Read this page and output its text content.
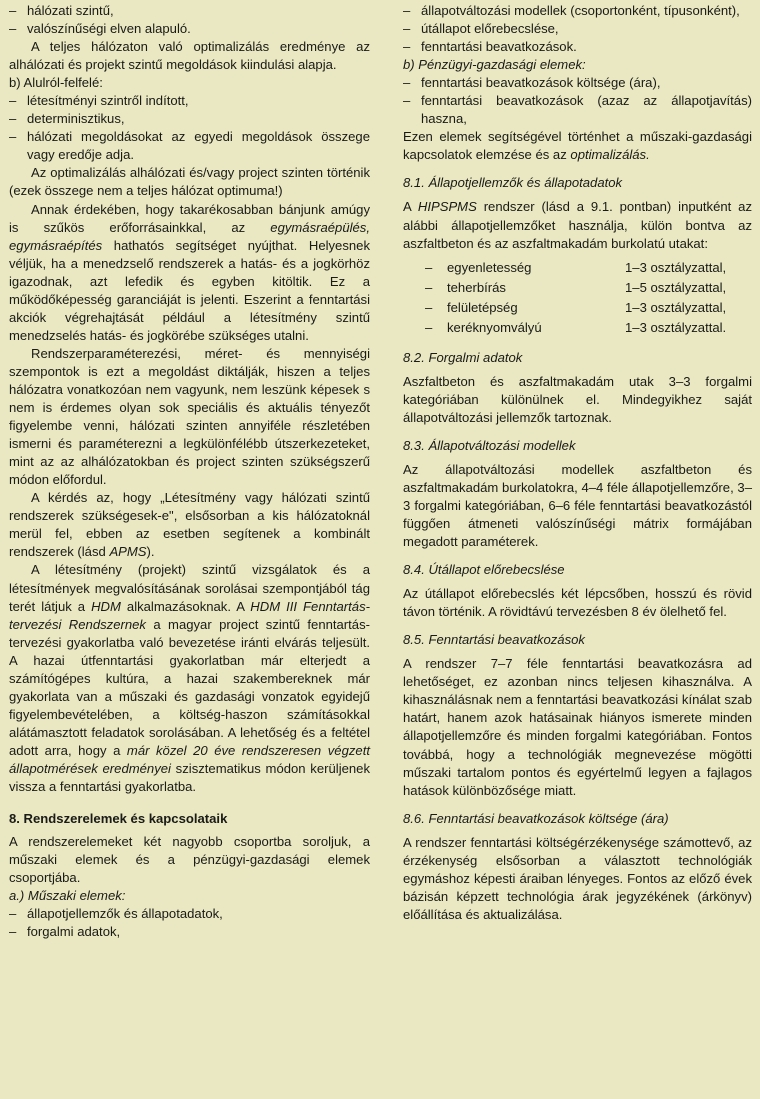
– hálózati szintű,
– valószínűségi elven alapuló.

A teljes hálózaton való optimalizálás eredménye az alhálózati és projekt szintű megoldások kiindulási alapja.

b) Alulról-felfelé:

– létesítményi szintről indított,
– determinisztikus,
– hálózati megoldásokat az egyedi megoldások összege vagy eredője adja.

Az optimalizálás alhálózati és/vagy project szinten történik (ezek összege nem a teljes hálózat optimuma!)

Annak érdekében, hogy takarékosabban bánjunk amúgy is szűkös erőforrásainkkal, az egymásraépülés, egymásraépítés hathatós segítséget nyújthat. Helyesnek véljük, ha a menedzselő rendszerek a hatás- és a jogkörhöz igazodnak, azt lefedik és egyben kitöltik. Ez a működőképesség garanciáját is jelenti. Eszerint a fenntartási akciók végrehajtását például a létesítmény szintű menedzselés hatás- és jogkörébe szükséges utalni.

Rendszerparaméterezési, méret- és mennyiségi szempontok is ezt a megoldást diktálják, hiszen a teljes hálózatra vonatkozóan nem vagyunk, nem leszünk képesek s nem is érdemes olyan sok speciális és aktuális tényezőt figyelembe venni, hálózati szinten annyiféle részletében ismerni és paraméterezni a legkülönfélébb útszerkezeteket, mint az az alhálózatokban és project szinten szükségszerű módon előfordul.

A kérdés az, hogy „Létesítmény vagy hálózati szintű rendszerek szükségesek-e", elsősorban a kis hálózatoknál merül fel, ebben az esetben segítenek a kombinált rendszerek (lásd APMS).

A létesítmény (projekt) szintű vizsgálatok és a létesítmények megvalósításának sorolásai szempontjából tág terét látjuk a HDM alkalmazásoknak. A HDM III Fenntartás-tervezési Rendszernek a magyar project szintű fenntartás-tervezési gyakorlatba való bevezetése iránti elvárás teljesült. A hazai útfenntartási gyakorlatban már elterjedt a számítógépes kultúra, a hazai szakembereknek már gyakorlata van a műszaki és gazdasági vonzatok egyidejű figyelembevételében, a költség-haszon számításokkal alátámasztott feladatok sorolásában. A lehetőség és a feltétel adott arra, hogy a már közel 20 éve rendszeresen végzett állapotmérések eredményei szisztematikus módon kerüljenek vissza a fenntartási gyakorlatba.

8. Rendszerelemek és kapcsolataik

A rendszerelemeket két nagyobb csoportba soroljuk, a műszaki elemek és a pénzügyi-gazdasági elemek csoportjába.

a.) Műszaki elemek:

– állapotjellemzők és állapotadatok,
– forgalmi adatok,
– állapotváltozási modellek (csoportonként, típusonként),
– útállapot előrebecslése,
– fenntartási beavatkozások.

b) Pénzügyi-gazdasági elemek:

– fenntartási beavatkozások költsége (ára),
– fenntartási beavatkozások (azaz az állapotjavítás) haszna,

Ezen elemek segítségével történhet a műszaki-gazdasági kapcsolatok elemzése és az optimalizálás.

8.1. Állapotjellemzők és állapotadatok

A HIPSPMS rendszer (lásd a 9.1. pontban) inputként az alábbi állapotjellemzőket használja, külön bontva az aszfaltbeton és az aszfaltmakadám burkolatú utakat:

–	egyenletesség	1–3 osztályzattal,
–	teherbírás	1–5 osztályzattal,
–	felületépség	1–3 osztályzattal,
–	keréknyomvályú	1–3 osztályzattal.

8.2. Forgalmi adatok

Aszfaltbeton és aszfaltmakadám utak 3–3 forgalmi kategóriában különülnek el. Mindegyikhez saját állapotváltozási jellemzők tartoznak.

8.3. Állapotváltozási modellek

Az állapotváltozási modellek aszfaltbeton és aszfaltmakadám burkolatokra, 4–4 féle állapotjellemzőre, 3–3 forgalmi kategóriában, 6–6 féle fenntartási beavatkozástól függően átmeneti valószínűségi mátrix formájában megadott paraméterek.

8.4. Útállapot előrebecslése

Az útállapot előrebecslés két lépcsőben, hosszú és rövid távon történik. A rövidtávú tervezésben 8 év ölelhető fel.

8.5. Fenntartási beavatkozások

A rendszer 7–7 féle fenntartási beavatkozásra ad lehetőséget, ez azonban nincs teljesen kihasználva. A kihasználásnak nem a fenntartási beavatkozási kínálat szab határt, hanem azok hatásainak hiányos ismerete minden állapotjellemzőre és minden forgalmi kategóriában. Fontos továbbá, hogy a technológiák megnevezése mögötti műszaki tartalom pontos és egyértelmű legyen a fajlagos hatások különbözősége miatt.

8.6. Fenntartási beavatkozások költsége (ára)

A rendszer fenntartási költségérzékenysége számottevő, az érzékenység elsősorban a választott technológiák egymáshoz képesti áraiban lényeges. Fontos az előző évek bázisán képzett technológia árak jegyzékének (árkönyv) előállítása és aktualizálása.
